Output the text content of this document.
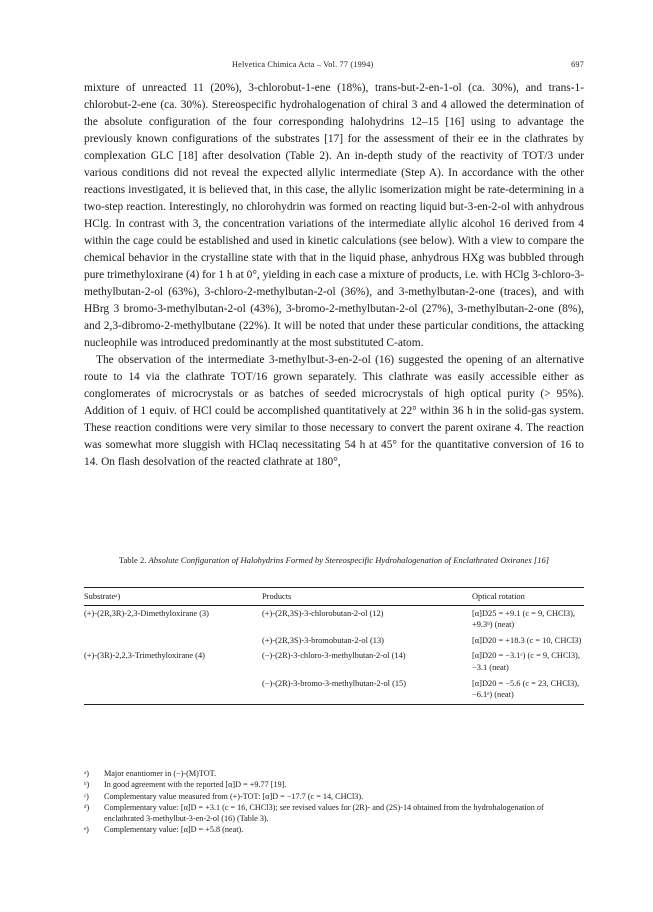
Helvetica Chimica Acta – Vol. 77 (1994)	697

mixture of unreacted 11 (20%), 3-chlorobut-1-ene (18%), trans-but-2-en-1-ol (ca. 30%), and trans-1-chlorobut-2-ene (ca. 30%). Stereospecific hydrohalogenation of chiral 3 and 4 allowed the determination of the absolute configuration of the four corresponding halohydrins 12–15 [16] using to advantage the previously known configurations of the substrates [17] for the assessment of their ee in the clathrates by complexation GLC [18] after desolvation (Table 2). An in-depth study of the reactivity of TOT/3 under various conditions did not reveal the expected allylic intermediate (Step A). In accordance with the other reactions investigated, it is believed that, in this case, the allylic isomerization might be rate-determining in a two-step reaction. Interestingly, no chlorohydrin was formed on reacting liquid but-3-en-2-ol with anhydrous HClg. In contrast with 3, the concentration variations of the intermediate allylic alcohol 16 derived from 4 within the cage could be established and used in kinetic calculations (see below). With a view to compare the chemical behavior in the crystalline state with that in the liquid phase, anhydrous HXg was bubbled through pure trimethyloxirane (4) for 1 h at 0°, yielding in each case a mixture of products, i.e. with HClg 3-chloro-3-methylbutan-2-ol (63%), 3-chloro-2-methylbutan-2-ol (36%), and 3-methylbutan-2-one (traces), and with HBrg 3 bromo-3-methylbutan-2-ol (43%), 3-bromo-2-methylbutan-2-ol (27%), 3-methylbutan-2-one (8%), and 2,3-dibromo-2-methylbutane (22%). It will be noted that under these particular conditions, the attacking nucleophile was introduced predominantly at the most substituted C-atom.

The observation of the intermediate 3-methylbut-3-en-2-ol (16) suggested the opening of an alternative route to 14 via the clathrate TOT/16 grown separately. This clathrate was easily accessible either as conglomerates of microcrystals or as batches of seeded microcrystals of high optical purity (> 95%). Addition of 1 equiv. of HCl could be accomplished quantitatively at 22° within 36 h in the solid-gas system. These reaction conditions were very similar to those necessary to convert the parent oxirane 4. The reaction was somewhat more sluggish with HClaq necessitating 54 h at 45° for the quantitative conversion of 16 to 14. On flash desolvation of the reacted clathrate at 180°,

Table 2. Absolute Configuration of Halohydrins Formed by Stereospecific Hydrohalogenation of Enclathrated Oxiranes [16]
Substrateᵃ)	Products	Optical rotation
(+)-(2R,3R)-2,3-Dimethyloxirane (3)	(+)-(2R,3S)-3-chlorobutan-2-ol (12)	[α]D25 = +9.1 (c = 9, CHCl3), +9.3ᵇ) (neat)
	(+)-(2R,3S)-3-bromobutan-2-ol (13)	[α]D20 = +18.3 (c = 10, CHCl3)
(+)-(3R)-2,2,3-Trimethyloxirane (4)	(−)-(2R)-3-chloro-3-methylbutan-2-ol (14)	[α]D20 = −3.1ᶜ) (c = 9, CHCl3), −3.1 (neat)
	(−)-(2R)-3-bromo-3-methylbutan-2-ol (15)	[α]D20 = −5.6 (c = 23, CHCl3), −6.1ᵉ) (neat)
ᵃ)	Major enantiomer in (−)-(M)TOT.
ᵇ)	In good agreement with the reported [α]D = +9.77 [19].
ᶜ)	Complementary value measured from (+)-TOT: [α]D = −17.7 (c = 14, CHCl3).
ᵈ)	Complementary value: [α]D = +3.1 (c = 16, CHCl3); see revised values for (2R)- and (2S)-14 obtained from the hydrohalogenation of enclathrated 3-methylbut-3-en-2-ol (16) (Table 3).
ᵉ)	Complementary value: [α]D = +5.8 (neat).
